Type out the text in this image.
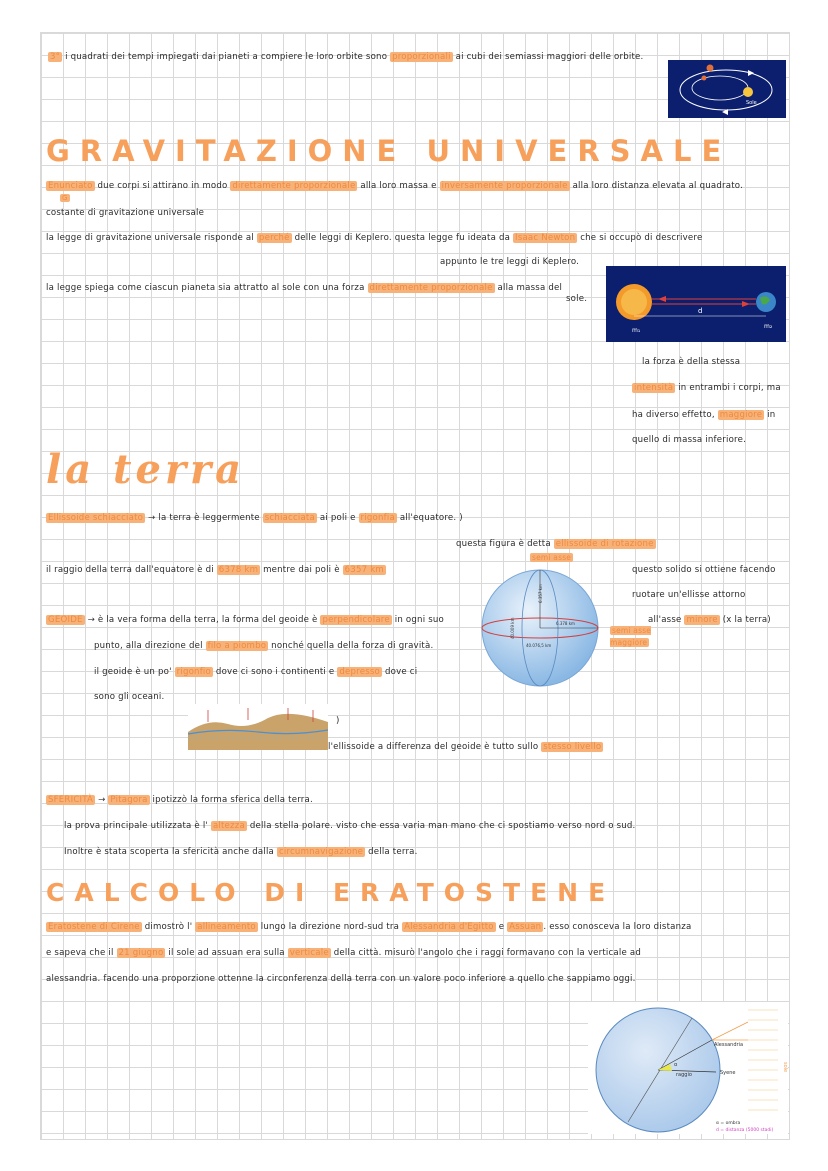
3° i quadrati dei tempi impiegati dai pianeti a compiere le loro orbite sono proporzionali ai cubi dei semiassi maggiori delle orbite.
Sole
GRAVITAZIONE UNIVERSALE
Enunciato due corpi si attirano in modo direttamente proporzionale alla loro massa e inversamente proporzionale alla loro distanza elevata al quadrato.
G
costante di gravitazione universale
la legge di gravitazione universale risponde al perché delle leggi di Keplero. questa legge fu ideata da Isaac Newton che si occupò di descrivere
appunto le tre leggi di Keplero.
la legge spiega come ciascun pianeta sia attratto al sole con una forza direttamente proporzionale alla massa del
sole.
d
m₁
m₂
la forza è della stessa
intensità in entrambi i corpi, ma
ha diverso effetto, maggiore in
quello di massa inferiore.
la terra
Ellissoide schiacciato → la terra è leggermente schiacciata ai poli e rigonfia all'equatore. )
questa figura è detta ellissoide di rotazione
semi asse
il raggio della terra dall'equatore è di 6378 km mentre dai poli è 6357 km	questo solido si ottiene facendo
ruotare un'ellisse attorno
all'asse minore (x la terra)
semi asse maggiore
6.357 km
6.378 km
40.009 km
40.076,5 km
GEOIDE → è la vera forma della terra, la forma del geoide è perpendicolare in ogni suo
punto, alla direzione del filo a piombo nonché quella della forza di gravità.
il geoide è un po' rigonfio dove ci sono i continenti e depresso dove ci
sono gli oceani.
)
l'ellissoide a differenza del geoide è tutto sullo stesso livello
SFERICITÀ → Pitagora ipotizzò la forma sferica della terra.
la prova principale utilizzata è l' altezza della stella polare. visto che essa varia man mano che ci spostiamo verso nord o sud.
Inoltre è stata scoperta la sfericità anche dalla circumnavigazione della terra.
CALCOLO DI ERATOSTENE
Eratostene di Cirene dimostrò l' allineamento lungo la direzione nord-sud tra Alessandria d'Egitto e Assuan . esso conosceva la loro distanza
e sapeva che il 21 giugno il sole ad assuan era sulla verticale della città. misurò l'angolo che i raggi formavano con la verticale ad
alessandria. facendo una proporzione ottenne la circonferenza della terra con un valore poco inferiore a quello che sappiamo oggi.
Alessandria
Syene
raggio
α	sole
α = ombra
d = distanza (5000 stadi)
